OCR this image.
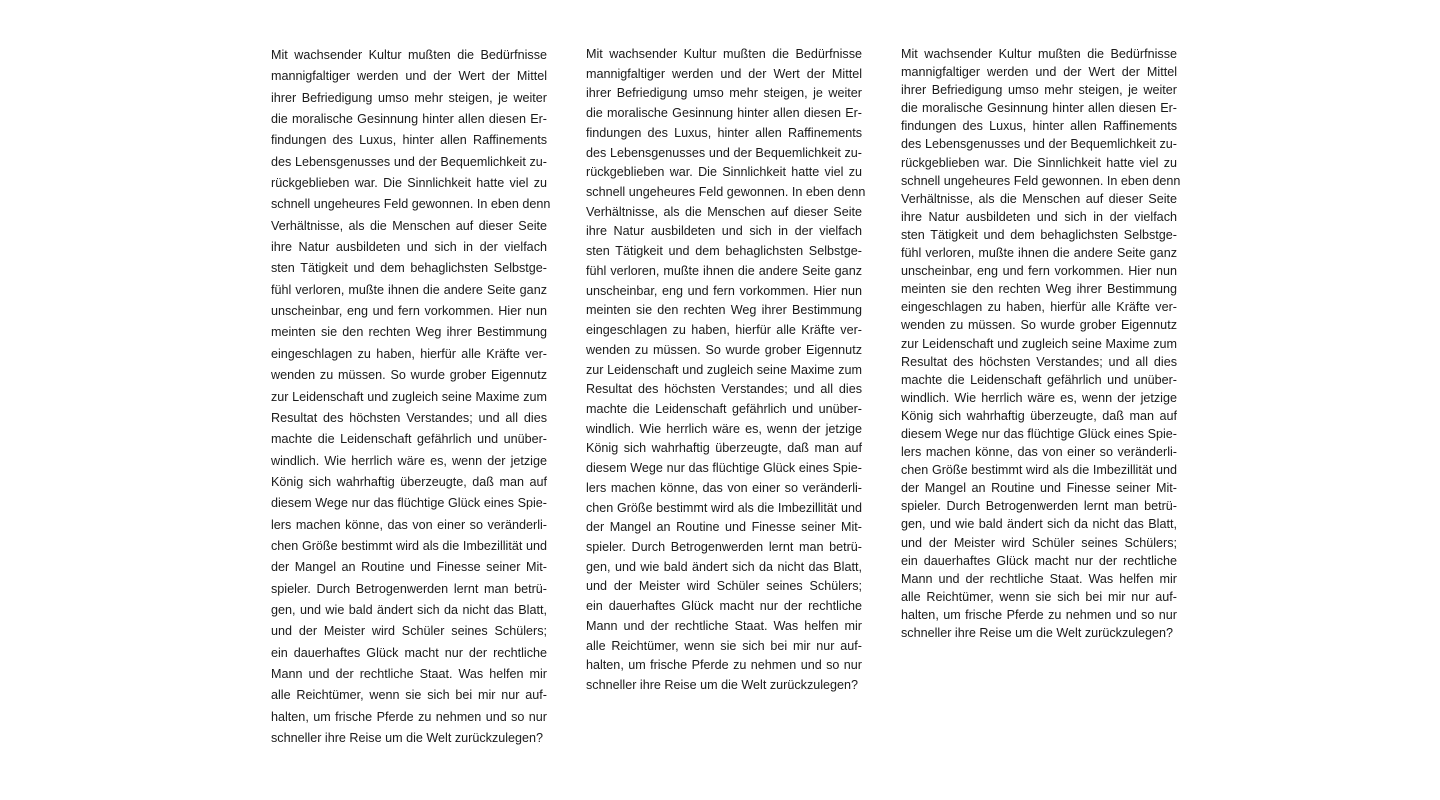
Mit wachsender Kultur mußten die Bedürfnisse
mannigfaltiger werden und der Wert der Mittel
ihrer Befriedigung umso mehr steigen, je weiter
die moralische Gesinnung hinter allen diesen Er-
findungen des Luxus, hinter allen Raffinements
des Lebensgenusses und der Bequemlichkeit zu-
rückgeblieben war. Die Sinnlichkeit hatte viel zu
schnell ungeheures Feld gewonnen. In eben denn
Verhältnisse, als die Menschen auf dieser Seite
ihre Natur ausbildeten und sich in der vielfach
sten Tätigkeit und dem behaglichsten Selbstge-
fühl verloren, mußte ihnen die andere Seite ganz
unscheinbar, eng und fern vorkommen. Hier nun
meinten sie den rechten Weg ihrer Bestimmung
eingeschlagen zu haben, hierfür alle Kräfte ver-
wenden zu müssen. So wurde grober Eigennutz
zur Leidenschaft und zugleich seine Maxime zum
Resultat des höchsten Verstandes; und all dies
machte die Leidenschaft gefährlich und unüber-
windlich. Wie herrlich wäre es, wenn der jetzige
König sich wahrhaftig überzeugte, daß man auf
diesem Wege nur das flüchtige Glück eines Spie-
lers machen könne, das von einer so veränderli-
chen Größe bestimmt wird als die Imbezillität und
der Mangel an Routine und Finesse seiner Mit-
spieler. Durch Betrogenwerden lernt man betrü-
gen, und wie bald ändert sich da nicht das Blatt,
und der Meister wird Schüler seines Schülers;
ein dauerhaftes Glück macht nur der rechtliche
Mann und der rechtliche Staat. Was helfen mir
alle Reichtümer, wenn sie sich bei mir nur auf-
halten, um frische Pferde zu nehmen und so nur
schneller ihre Reise um die Welt zurückzulegen?
Mit wachsender Kultur mußten die Bedürfnisse
mannigfaltiger werden und der Wert der Mittel
ihrer Befriedigung umso mehr steigen, je weiter
die moralische Gesinnung hinter allen diesen Er-
findungen des Luxus, hinter allen Raffinements
des Lebensgenusses und der Bequemlichkeit zu-
rückgeblieben war. Die Sinnlichkeit hatte viel zu
schnell ungeheures Feld gewonnen. In eben denn
Verhältnisse, als die Menschen auf dieser Seite
ihre Natur ausbildeten und sich in der vielfach
sten Tätigkeit und dem behaglichsten Selbstge-
fühl verloren, mußte ihnen die andere Seite ganz
unscheinbar, eng und fern vorkommen. Hier nun
meinten sie den rechten Weg ihrer Bestimmung
eingeschlagen zu haben, hierfür alle Kräfte ver-
wenden zu müssen. So wurde grober Eigennutz
zur Leidenschaft und zugleich seine Maxime zum
Resultat des höchsten Verstandes; und all dies
machte die Leidenschaft gefährlich und unüber-
windlich. Wie herrlich wäre es, wenn der jetzige
König sich wahrhaftig überzeugte, daß man auf
diesem Wege nur das flüchtige Glück eines Spie-
lers machen könne, das von einer so veränderli-
chen Größe bestimmt wird als die Imbezillität und
der Mangel an Routine und Finesse seiner Mit-
spieler. Durch Betrogenwerden lernt man betrü-
gen, und wie bald ändert sich da nicht das Blatt,
und der Meister wird Schüler seines Schülers;
ein dauerhaftes Glück macht nur der rechtliche
Mann und der rechtliche Staat. Was helfen mir
alle Reichtümer, wenn sie sich bei mir nur auf-
halten, um frische Pferde zu nehmen und so nur
schneller ihre Reise um die Welt zurückzulegen?
Mit wachsender Kultur mußten die Bedürfnisse
mannigfaltiger werden und der Wert der Mittel
ihrer Befriedigung umso mehr steigen, je weiter
die moralische Gesinnung hinter allen diesen Er-
findungen des Luxus, hinter allen Raffinements
des Lebensgenusses und der Bequemlichkeit zu-
rückgeblieben war. Die Sinnlichkeit hatte viel zu
schnell ungeheures Feld gewonnen. In eben denn
Verhältnisse, als die Menschen auf dieser Seite
ihre Natur ausbildeten und sich in der vielfach
sten Tätigkeit und dem behaglichsten Selbstge-
fühl verloren, mußte ihnen die andere Seite ganz
unscheinbar, eng und fern vorkommen. Hier nun
meinten sie den rechten Weg ihrer Bestimmung
eingeschlagen zu haben, hierfür alle Kräfte ver-
wenden zu müssen. So wurde grober Eigennutz
zur Leidenschaft und zugleich seine Maxime zum
Resultat des höchsten Verstandes; und all dies
machte die Leidenschaft gefährlich und unüber-
windlich. Wie herrlich wäre es, wenn der jetzige
König sich wahrhaftig überzeugte, daß man auf
diesem Wege nur das flüchtige Glück eines Spie-
lers machen könne, das von einer so veränderli-
chen Größe bestimmt wird als die Imbezillität und
der Mangel an Routine und Finesse seiner Mit-
spieler. Durch Betrogenwerden lernt man betrü-
gen, und wie bald ändert sich da nicht das Blatt,
und der Meister wird Schüler seines Schülers;
ein dauerhaftes Glück macht nur der rechtliche
Mann und der rechtliche Staat. Was helfen mir
alle Reichtümer, wenn sie sich bei mir nur auf-
halten, um frische Pferde zu nehmen und so nur
schneller ihre Reise um die Welt zurückzulegen?
